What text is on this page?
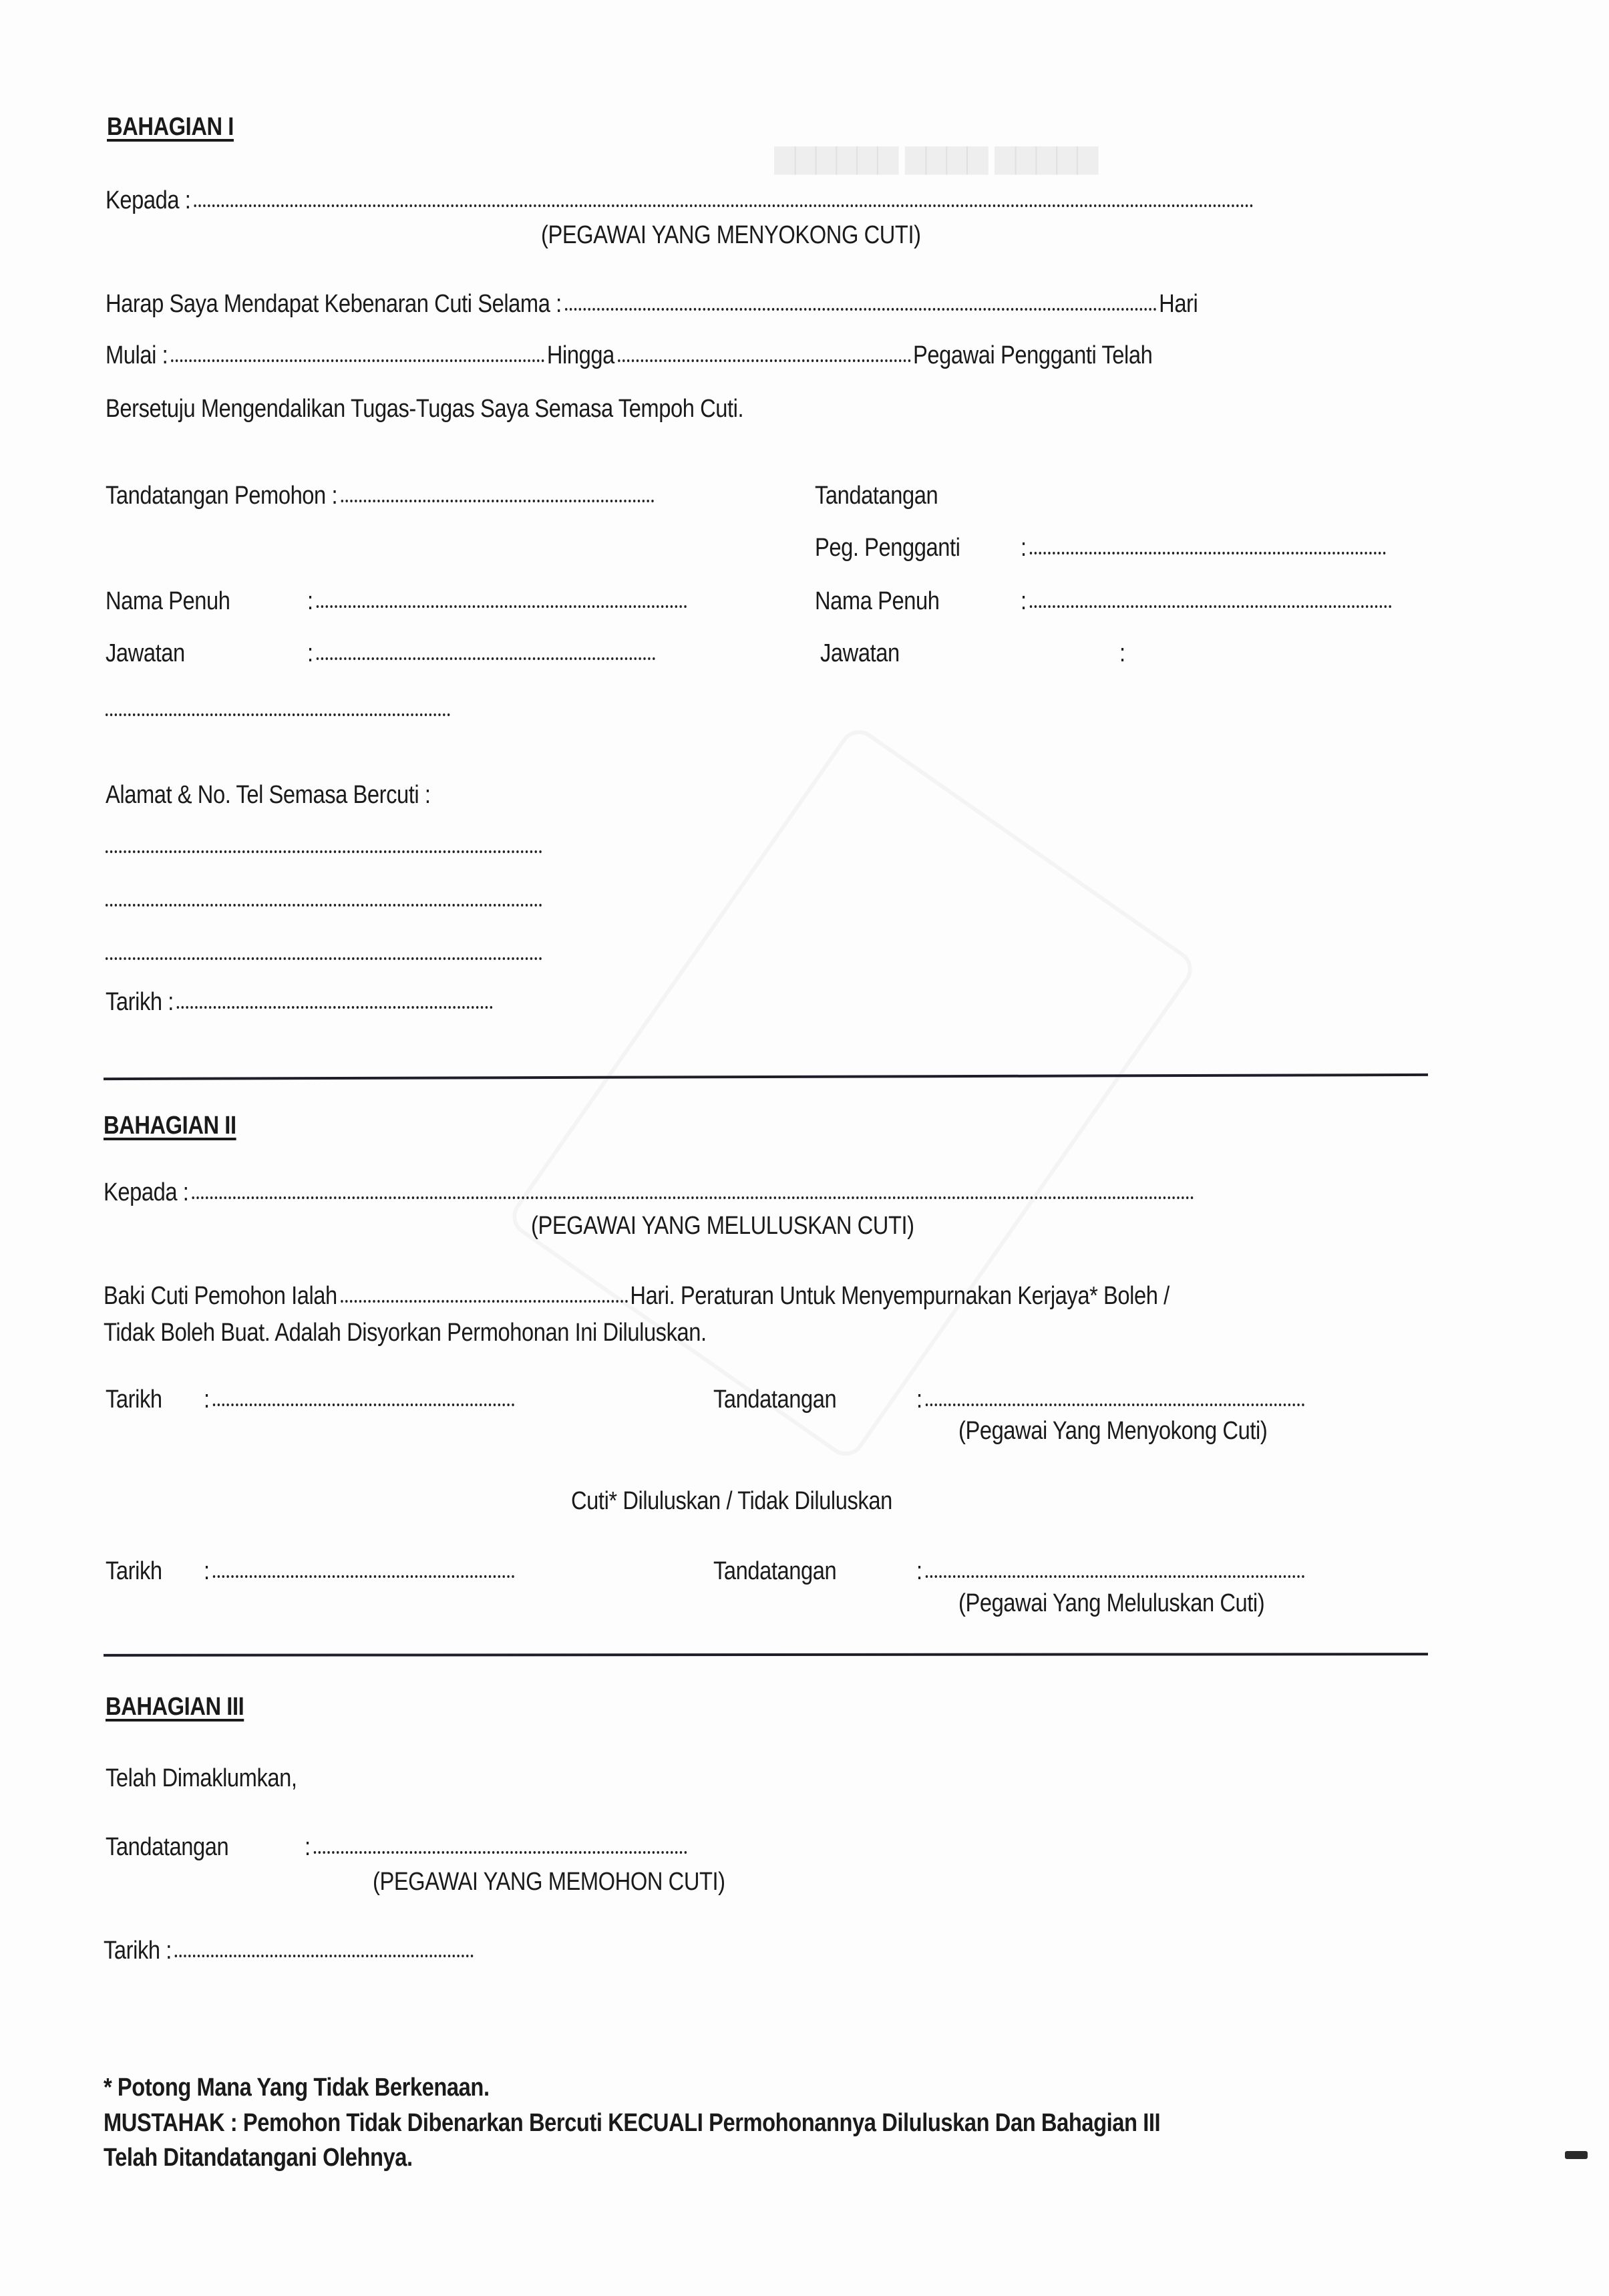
▇▇▇▇▇ ▇▇▇▇ ▇▇▇▇▇▇
BAHAGIAN I
Kepada :
(PEGAWAI YANG MENYOKONG CUTI)
Harap Saya Mendapat Kebenaran Cuti Selama :	Hari
Mulai :	Hingga	Pegawai Pengganti Telah
Bersetuju Mengendalikan Tugas-Tugas Saya Semasa Tempoh Cuti.
Tandatangan Pemohon :	Tandatangan
Peg. Pengganti :
Nama Penuh	:	Nama Penuh	:
Jawatan	:	Jawatan	:
Alamat & No. Tel Semasa Bercuti :
Tarikh :
BAHAGIAN II
Kepada :
(PEGAWAI YANG MELULUSKAN CUTI)
Baki Cuti Pemohon Ialah	Hari. Peraturan Untuk Menyempurnakan Kerjaya* Boleh /
Tidak Boleh Buat. Adalah Disyorkan Permohonan Ini Diluluskan.
Tarikh :	Tandatangan	:
(Pegawai Yang Menyokong Cuti)
Cuti* Diluluskan / Tidak Diluluskan
Tarikh :	Tandatangan	:
(Pegawai Yang Meluluskan Cuti)
BAHAGIAN III
Telah Dimaklumkan,
Tandatangan	:
(PEGAWAI YANG MEMOHON CUTI)
Tarikh :
* Potong Mana Yang Tidak Berkenaan.
MUSTAHAK : Pemohon Tidak Dibenarkan Bercuti KECUALI Permohonannya Diluluskan Dan Bahagian III
Telah Ditandatangani Olehnya.
